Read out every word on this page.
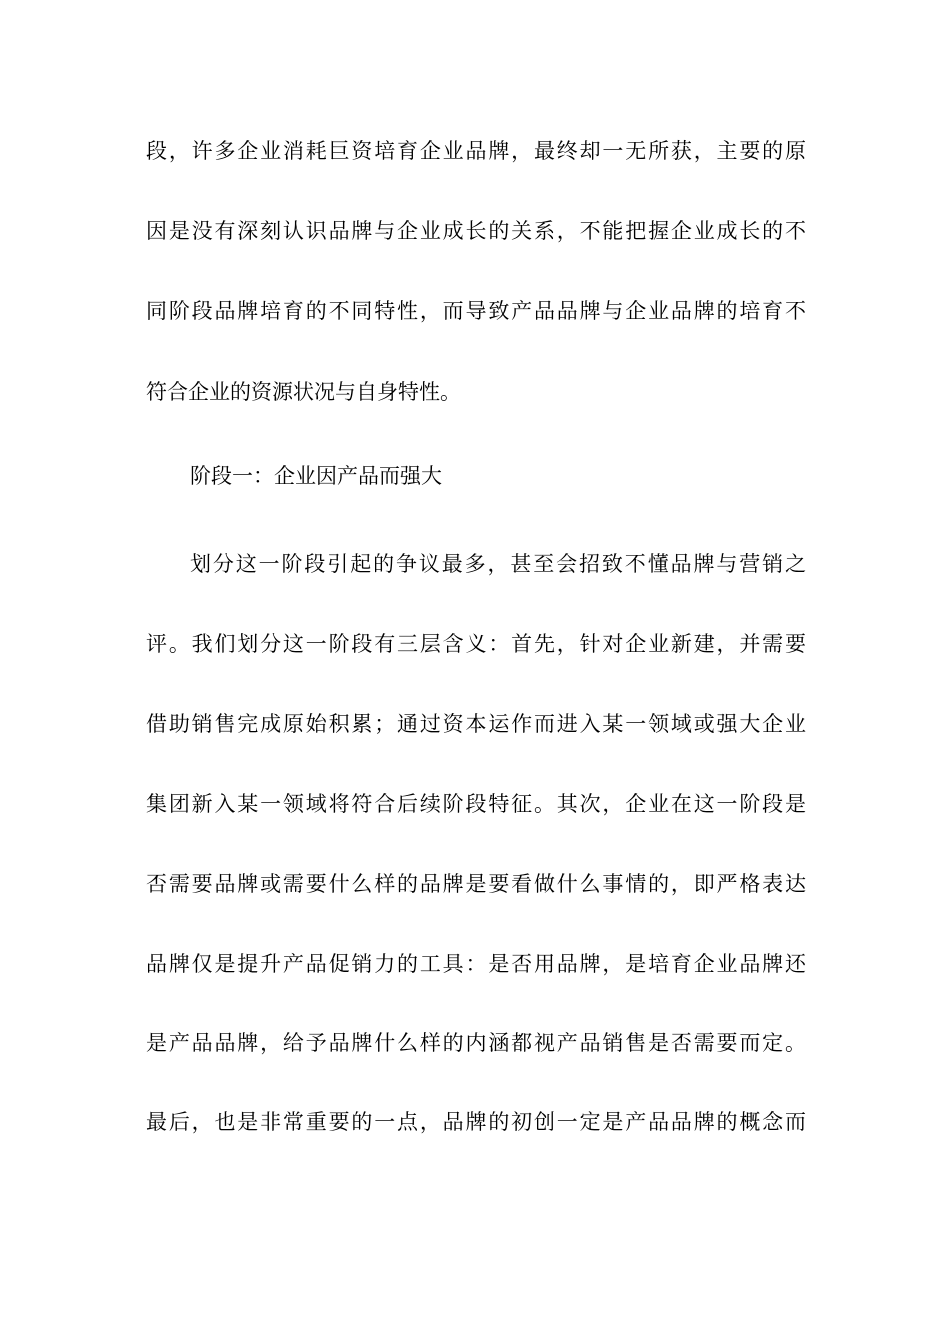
段，许多企业消耗巨资培育企业品牌，最终却一无所获，主要的原
因是没有深刻认识品牌与企业成长的关系，不能把握企业成长的不
同阶段品牌培育的不同特性，而导致产品品牌与企业品牌的培育不
符合企业的资源状况与自身特性。
阶段一：企业因产品而强大
划分这一阶段引起的争议最多，甚至会招致不懂品牌与营销之
评。我们划分这一阶段有三层含义：首先，针对企业新建，并需要
借助销售完成原始积累；通过资本运作而进入某一领域或强大企业
集团新入某一领域将符合后续阶段特征。其次，企业在这一阶段是
否需要品牌或需要什么样的品牌是要看做什么事情的，即严格表达
品牌仅是提升产品促销力的工具：是否用品牌，是培育企业品牌还
是产品品牌，给予品牌什么样的内涵都视产品销售是否需要而定。
最后，也是非常重要的一点，品牌的初创一定是产品品牌的概念而
